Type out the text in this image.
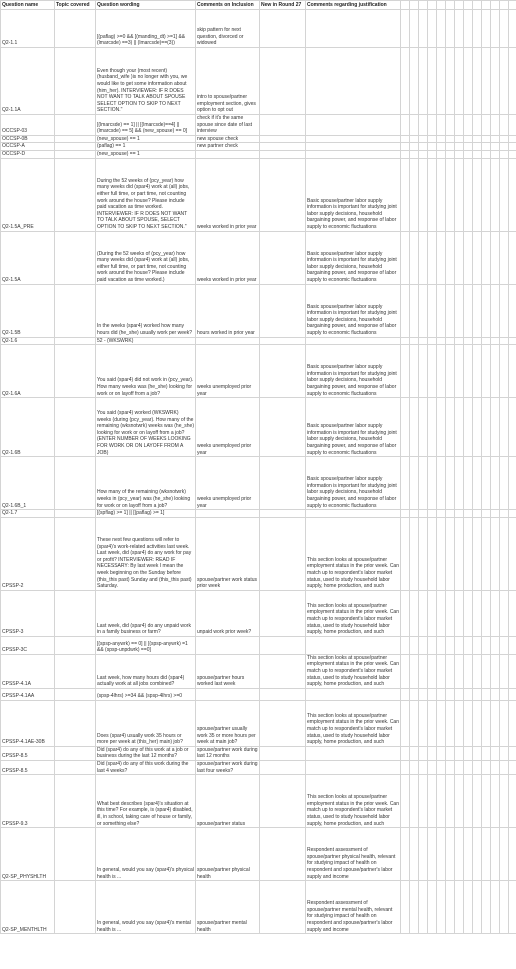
Question name	Topic covered	Question wording	Comments on Inclusion	New in Round 27	Comments regarding justification													
Q2-1.1		[(paflag) >=0 && [(manding_dt) >=1] && (lmarcsde) ==3) || (lmarcsde)==(3))	skip pattern for next question, divorced or widowed															
Q2-1.1A		Even though your (most recent) (husband_wife )is no longer with you, we would like to get some information about (him_her). INTERVIEWER: IF R DOES NOT WANT TO TALK ABOUT SPOUSE SELECT OPTION TO SKIP TO NEXT SECTION."	intro to spouse/partner employment section, gives option to opt out															
OCCSP-03		[(lmarcsde) == 1] || [(lmarcsde)==4] || (lmarcsde) == 5] && (new_spouse) == 0]	check if it's the same spouse since date of last interview															
OCCSP-0B		(new_spouse) == 1	new spouse check															
OCCSP-A		(paflag) == 1	new partner check															
OCCSP-D		(new_spouse) == 1																
Q2-1.5A_PRE		During the 52 weeks of (pcy_year) how many weeks did (spar4) work at (all) jobs, either full time, or part time, not counting work around the house? Please include paid vacation as time worked. INTERVIEWER: IF R DOES NOT WANT TO TALK ABOUT SPOUSE, SELECT OPTION TO SKIP TO NEXT SECTION."	weeks worked in prior year		Basic spouse/partner labor supply information is important for studying joint labor supply decisions, household bargaining power, and response of labor supply to economic fluctuations													
Q2-1.5A		(During the 52 weeks of (pcy_year) how many weeks did (spar4) work at (all) jobs, either full time, or part time, not counting work around the house? Please include paid vacation as time worked.)	weeks worked in prior year		Basic spouse/partner labor supply information is important for studying joint labor supply decisions, household bargaining power, and response of labor supply to economic fluctuations													
Q2-1.5B		In the weeks (spar4) worked how many hours did (he_she) usually work per week?	hours worked in prior year		Basic spouse/partner labor supply information is important for studying joint labor supply decisions, household bargaining power, and response of labor supply to economic fluctuations													
Q2-1.6		52 - (WKSWRK)																
Q2-1.6A		You said (spar4) did not work in (pcy_year). How many weeks was (he_she) looking for work or on layoff from a job?	weeks unemployed prior year		Basic spouse/partner labor supply information is important for studying joint labor supply decisions, household bargaining power, and response of labor supply to economic fluctuations													
Q2-1.6B		You said (spar4) worked (WKSWRK) weeks (during (pcy_year). How many of the remaining (wksnotwrk) weeks was (he_she) looking for work or on layoff from a job? (ENTER NUMBER OF WEEKS LOOKING FOR WORK OR ON LAYOFF FROM A JOB)	weeks unemployed prior year		Basic spouse/partner labor supply information is important for studying joint labor supply decisions, household bargaining power, and response of labor supply to economic fluctuations													
Q2-1.6B_1		How many of the remaining (wksnotwrk) weeks in (pcy_year) was (he_she) looking for work or on layoff from a job?	weeks unemployed prior year		Basic spouse/partner labor supply information is important for studying joint labor supply decisions, household bargaining power, and response of labor supply to economic fluctuations													
Q2-1.7		[(spflag) >= 1] || [(paflag) >= 1]																
CPSSP-2		These next few questions will refer to (spar4)'s work-related activities last week. Last week, did (spar4) do any work for pay or profit? INTERVIEWER: READ IF NECESSARY: By last week I mean the week beginning on the Sunday before (this_this past) Sunday and (this_this past) Saturday.	spouse/partner work status prior week		This section looks at spouse/partner employment status in the prior week. Can match up to respondent's labor market status, used to study household labor supply, home production, and such													
CPSSP-3		Last week, did (spar4) do any unpaid work in a family business or farm?	unpaid work prior week?		This section looks at spouse/partner employment status in the prior week. Can match up to respondent's labor market status, used to study household labor supply, home production, and such													
CPSSP-3C		[(spsp-anywrk) == 0] || [(spsp-anywrk) =1 && (spsp-unpdwrk) ==0]																
CPSSP-4.1A		Last week, how many hours did (spar4) actually work at all jobs combined?	spouse/partner hours worked last week		This section looks at spouse/partner employment status in the prior week. Can match up to respondent's labor market status, used to study household labor supply, home production, and such													
CPSSP-4.1AA		(spsp-4lhrs) >=34 && (spsp-4lhrs) >=0																
CPSSP-4.1AE-30B		Does (spar4) usually work 35 hours or more per week at (this_her) main) job?	spouse/partner usually work 35 or more hours per week at main job?		This section looks at spouse/partner employment status in the prior week. Can match up to respondent's labor market status, used to study household labor supply, home production, and such													
CPSSP-8.5		Did (spar4) do any of this work at a job or business during the last 12 months?	spouse/partner work during last 12 months															
CPSSP-8.5		Did (spar4) do any of this work during the last 4 weeks?	spouse/partner work during last four weeks?															
CPSSP-9.3		What best describes (spar4)'s situation at this time? For example, is (spar4) disabled, ill, in school, taking care of house or family, or something else?	spouse/partner status		This section looks at spouse/partner employment status in the prior week. Can match up to respondent's labor market status, used to study household labor supply, home production, and such													
Q2-SP_PHYSHLTH		In general, would you say (spar4)'s physical health is ...	spouse/partner physical health		Respondent assessment of spouse/partner physical health, relevant for studying impact of health on respondent and spouse/partner's labor supply and income													
Q2-SP_MENTHLTH		In general, would you say (spar4)'s mental health is ...	spouse/partner mental health		Respondent assessment of spouse/partner mental health, relevant for studying impact of health on respondent and spouse/partner's labor supply and income													
